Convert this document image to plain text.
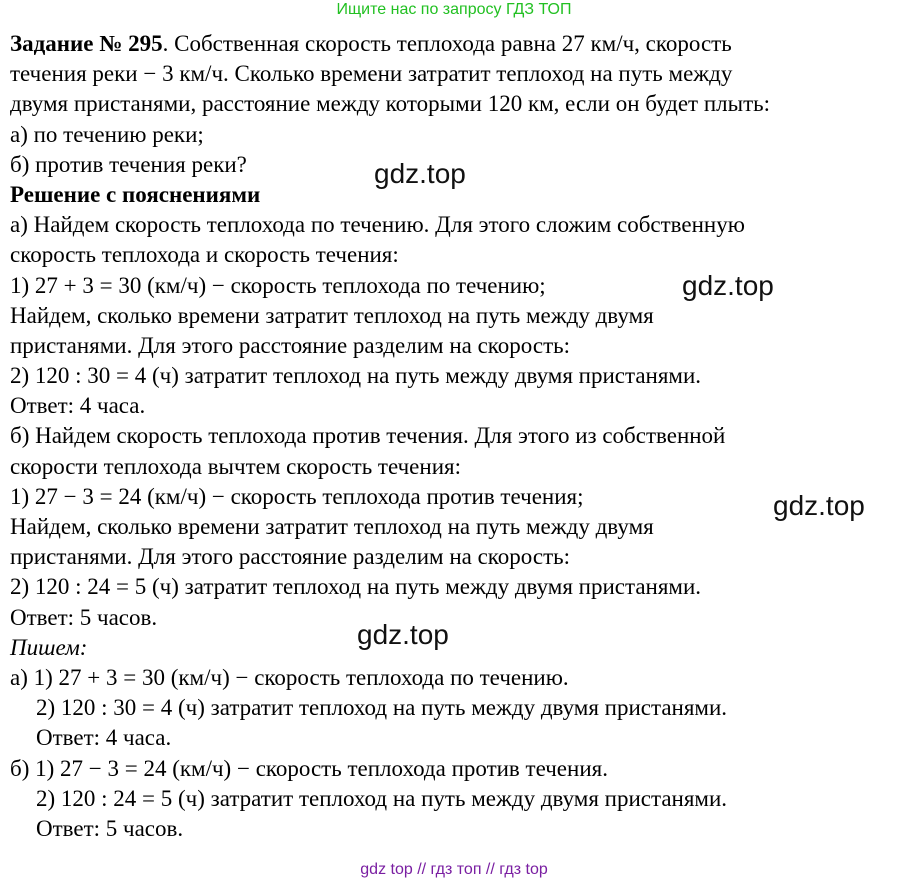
Ищите нас по запросу ГДЗ ТОП
Задание № 295. Собственная скорость теплохода равна 27 км/ч, скорость
течения реки − 3 км/ч. Сколько времени затратит теплоход на путь между
двумя пристанями, расстояние между которыми 120 км, если он будет плыть:
а) по течению реки;
б) против течения реки?
Решение с пояснениями
а) Найдем скорость теплохода по течению. Для этого сложим собственную
скорость теплохода и скорость течения:
1) 27 + 3 = 30 (км/ч) − скорость теплохода по течению;
Найдем, сколько времени затратит теплоход на путь между двумя
пристанями. Для этого расстояние разделим на скорость:
2) 120 : 30 = 4 (ч) затратит теплоход на путь между двумя пристанями.
Ответ: 4 часа.
б) Найдем скорость теплохода против течения. Для этого из собственной
скорости теплохода вычтем скорость течения:
1) 27 − 3 = 24 (км/ч) − скорость теплохода против течения;
Найдем, сколько времени затратит теплоход на путь между двумя
пристанями. Для этого расстояние разделим на скорость:
2) 120 : 24 = 5 (ч) затратит теплоход на путь между двумя пристанями.
Ответ: 5 часов.
Пишем:
а) 1) 27 + 3 = 30 (км/ч) − скорость теплохода по течению.
2) 120 : 30 = 4 (ч) затратит теплоход на путь между двумя пристанями.
Ответ: 4 часа.
б) 1) 27 − 3 = 24 (км/ч) − скорость теплохода против течения.
2) 120 : 24 = 5 (ч) затратит теплоход на путь между двумя пристанями.
Ответ: 5 часов.
gdz.top
gdz.top
gdz.top
gdz.top
gdz top // гдз топ // гдз top
